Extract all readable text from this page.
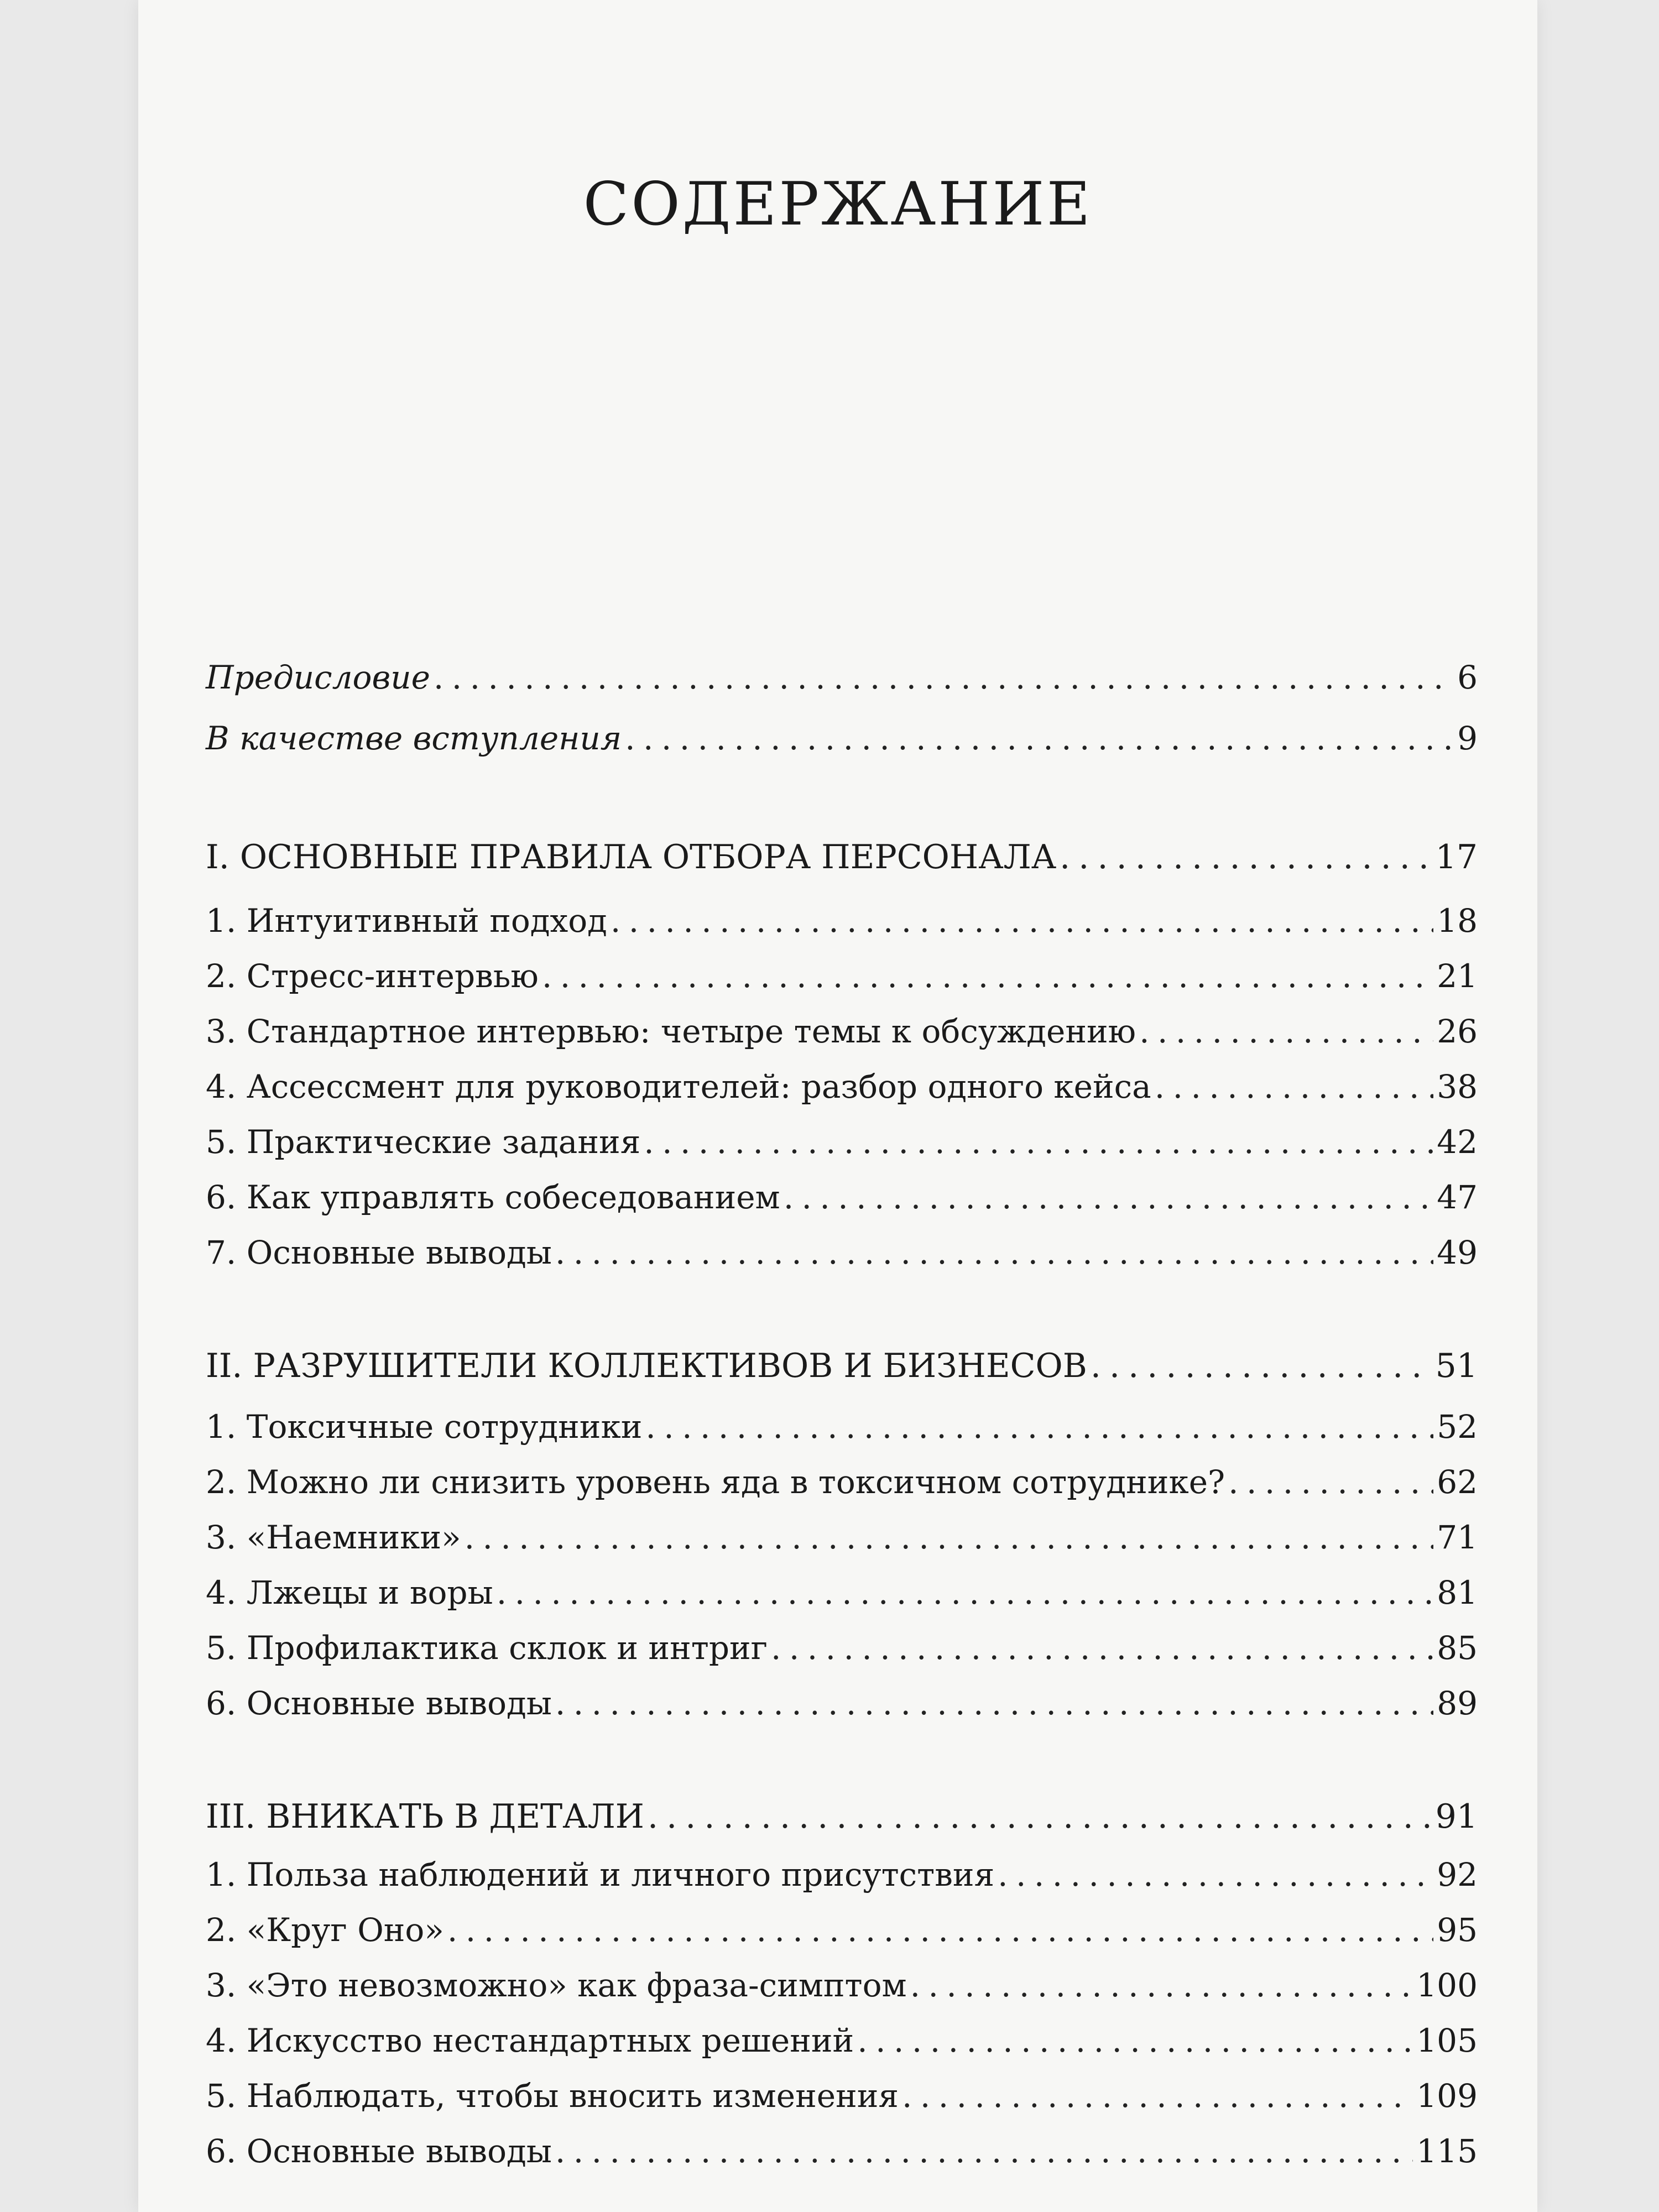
СОДЕРЖАНИЕ
Предисловие . . .	6
В качестве вступления . . .	9
I. ОСНОВНЫЕ ПРАВИЛА ОТБОРА ПЕРСОНАЛА . . .	17
1. Интуитивный подход . . .	18
2. Стресс-интервью . . .	21
3. Стандартное интервью: четыре темы к обсуждению . . .	26
4. Ассессмент для руководителей: разбор одного кейса . . .	38
5. Практические задания . . .	42
6. Как управлять собеседованием . . .	47
7. Основные выводы . . .	49
II. РАЗРУШИТЕЛИ КОЛЛЕКТИВОВ И БИЗНЕСОВ . . .	51
1. Токсичные сотрудники . . .	52
2. Можно ли снизить уровень яда в токсичном сотруднике? . . .	62
3. «Наемники» . . .	71
4. Лжецы и воры . . .	81
5. Профилактика склок и интриг . . .	85
6. Основные выводы . . .	89
III. ВНИКАТЬ В ДЕТАЛИ . . .	91
1. Польза наблюдений и личного присутствия . . .	92
2. «Круг Оно» . . .	95
3. «Это невозможно» как фраза-симптом . . .	100
4. Искусство нестандартных решений . . .	105
5. Наблюдать, чтобы вносить изменения . . .	109
6. Основные выводы . . .	115
